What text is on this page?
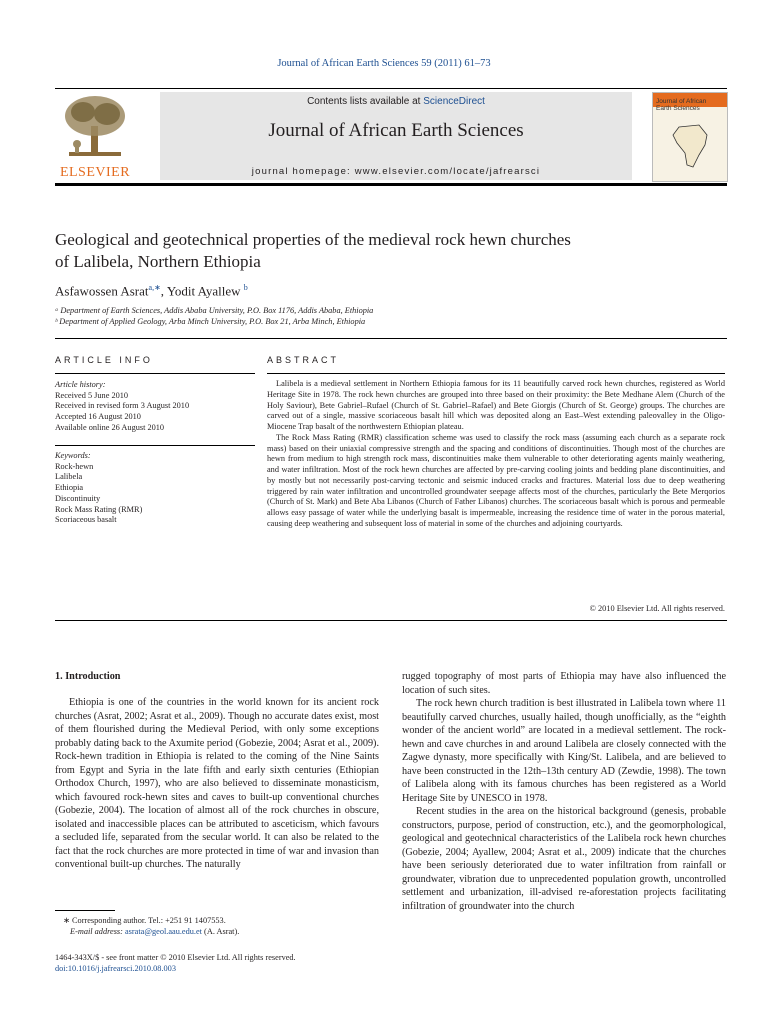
Journal of African Earth Sciences 59 (2011) 61–73
ELSEVIER
Contents lists available at ScienceDirect
Journal of African Earth Sciences
journal homepage: www.elsevier.com/locate/jafrearsci
Journal of African Earth Sciences
Geological and geotechnical properties of the medieval rock hewn churches
of Lalibela, Northern Ethiopia
Asfawossen Asrat$^{a,∗}$, Yodit Ayallew $^b$
ᵃ Department of Earth Sciences, Addis Ababa University, P.O. Box 1176, Addis Ababa, Ethiopia
ᵇ Department of Applied Geology, Arba Minch University, P.O. Box 21, Arba Minch, Ethiopia
ARTICLE INFO	ABSTRACT
Article history:
Received 5 June 2010
Received in revised form 3 August 2010
Accepted 16 August 2010
Available online 26 August 2010
Keywords:
Rock-hewn
Lalibela
Ethiopia
Discontinuity
Rock Mass Rating (RMR)
Scoriaceous basalt

Lalibela is a medieval settlement in Northern Ethiopia famous for its 11 beautifully carved rock hewn churches, registered as World Heritage Site in 1978. The rock hewn churches are grouped into three based on their proximity: the Bete Medhane Alem (Church of the Holy Saviour), Bete Gabriel–Rufael (Church of St. Gabriel–Rafael) and Bete Giorgis (Church of St. George) groups. The churches are carved out of a single, massive scoriaceous basalt hill which was deposited along an East–West extending paleovalley in the Oligo-Miocene Trap basalt of the northwestern Ethiopian plateau.

The Rock Mass Rating (RMR) classification scheme was used to classify the rock mass (assuming each church as a separate rock mass) based on their uniaxial compressive strength and the spacing and conditions of discontinuities. Though most of the churches are hewn from medium to high strength rock mass, discontinuities make them vulnerable to other deteriorating agents mainly weathering, and water infiltration. Most of the rock hewn churches are affected by pre-carving cooling joints and bedding plane discontinuities, and by mostly but not necessarily post-carving tectonic and seismic induced cracks and fractures. Material loss due to deep weathering triggered by rain water infiltration and uncontrolled groundwater seepage affects most of the churches, particularly the Bete Merqorios (Church of St. Mark) and Bete Aba Libanos (Church of Father Libanos) churches. The scoriaceous basalt which is porous and permeable allows easy passage of water while the underlying basalt is impermeable, increasing the residence time of water in the porous material, causing deep weathering and subsequent loss of material in some of the churches and adjoining courtyards.

© 2010 Elsevier Ltd. All rights reserved.
1. Introduction

Ethiopia is one of the countries in the world known for its ancient rock churches (Asrat, 2002; Asrat et al., 2009). Though no accurate dates exist, most of them flourished during the Medieval Period, with only some exceptions probably dating back to the Axumite period (Gobezie, 2004; Asrat et al., 2009). Rock-hewn tradition in Ethiopia is related to the coming of the Nine Saints from Egypt and Syria in the late fifth and early sixth centuries (Ethiopian Orthodox Church, 1997), who are also believed to disseminate monasticism, which favoured rock-hewn sites and caves to built-up conventional churches (Gobezie, 2004). The location of almost all of the rock churches in obscure, isolated and inaccessible places can be attributed to asceticism, which favours a secluded life, separated from the secular world. It can also be related to the fact that the rock churches are more protected in time of war and invasion than conventional built-up churches. The naturally

rugged topography of most parts of Ethiopia may have also influenced the location of such sites.

The rock hewn church tradition is best illustrated in Lalibela town where 11 beautifully carved churches, usually hailed, though unofficially, as the “eighth wonder of the ancient world” are located in a medieval settlement. The rock-hewn and cave churches in and around Lalibela are closely connected with the Zagwe dynasty, more specifically with King/St. Lalibela, and are believed to have been constructed in the 12th–13th century AD (Zewdie, 1998). The town of Lalibela along with its famous churches has been registered as a World Heritage Site by UNESCO in 1978.

Recent studies in the area on the historical background (genesis, probable constructors, purpose, period of construction, etc.), and the geomorphological, geological and geotechnical characteristics of the Lalibela rock hewn churches (Gobezie, 2004; Ayallew, 2004; Asrat et al., 2009) indicate that the churches have been seriously deteriorated due to water infiltration from rainfall or groundwater, vibration due to unprecedented population growth, uncontrolled settlement and urbanization, ill-advised re-aforestation projects facilitating infiltration of groundwater into the church

∗ Corresponding author. Tel.: +251 91 1407553.
E-mail address: asrata@geol.aau.edu.et (A. Asrat).
1464-343X/$ - see front matter © 2010 Elsevier Ltd. All rights reserved.
doi:10.1016/j.jafrearsci.2010.08.003
